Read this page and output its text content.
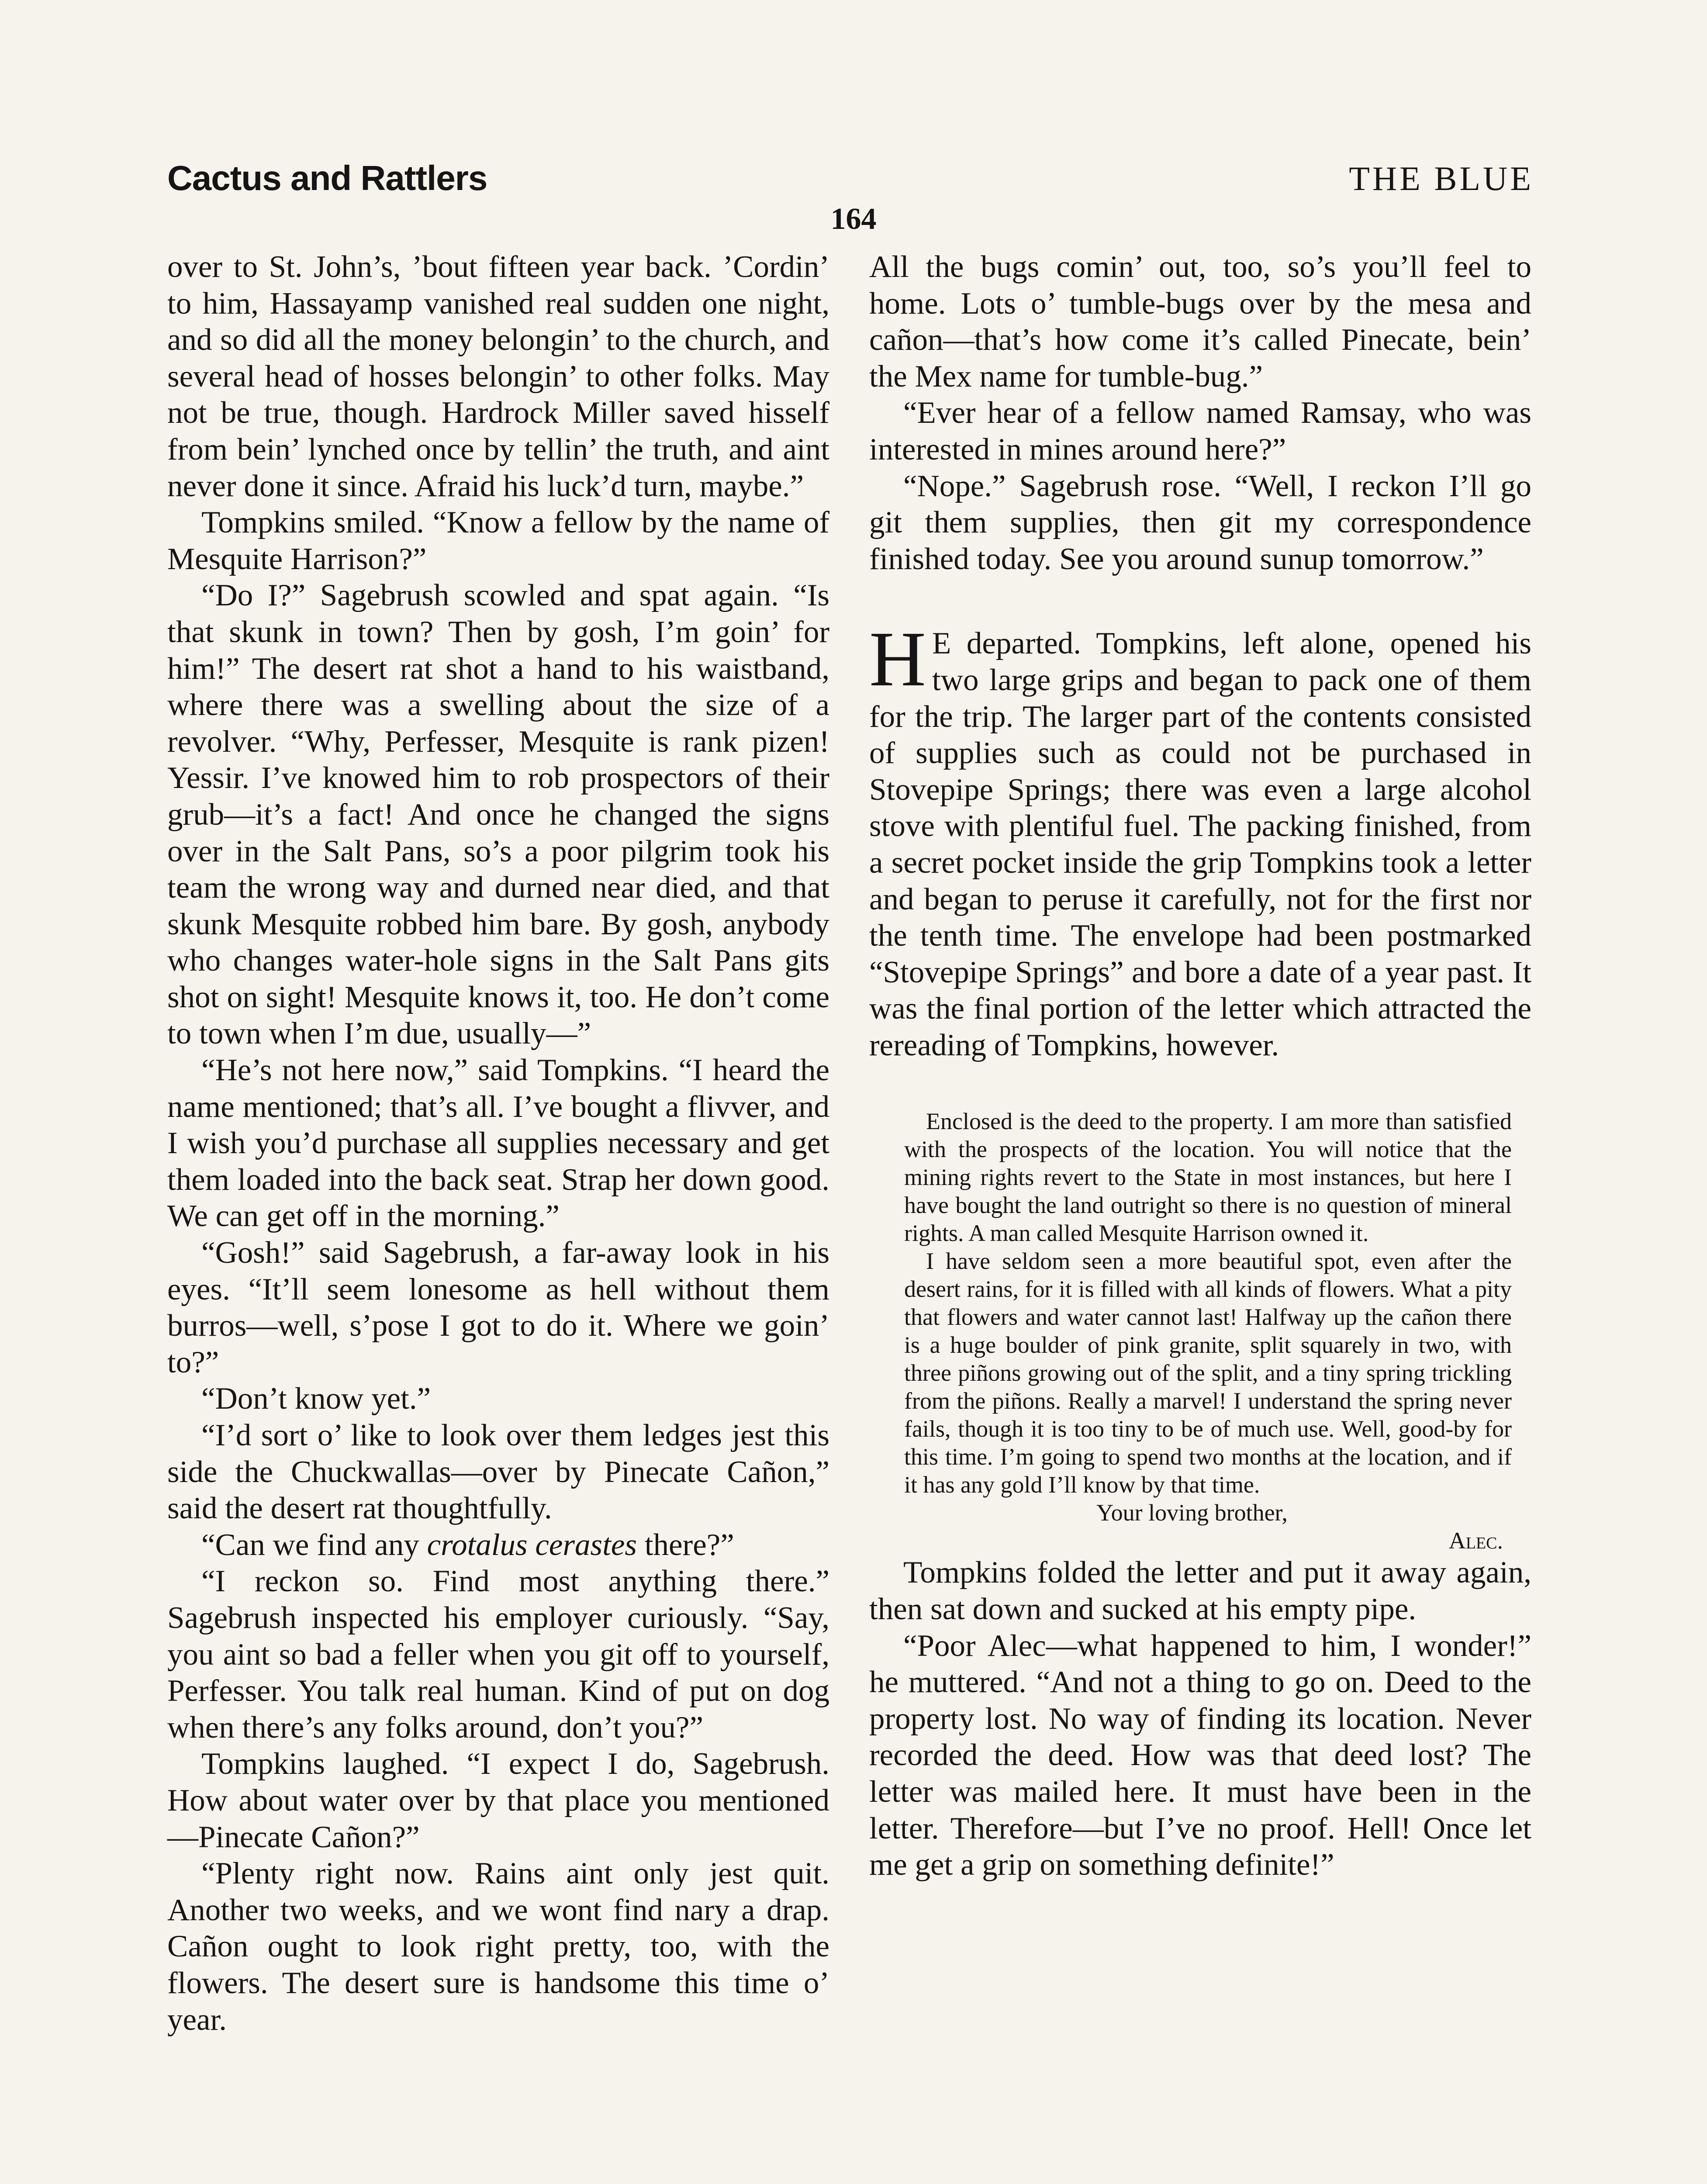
Cactus and Rattlers	THE BLUE
164

over to St. John’s, ’bout fifteen year back. ’Cordin’ to him, Hassayamp vanished real sudden one night, and so did all the money belongin’ to the church, and several head of hosses belongin’ to other folks. May not be true, though. Hardrock Miller saved hisself from bein’ lynched once by tellin’ the truth, and aint never done it since. Afraid his luck’d turn, maybe.”

Tompkins smiled. “Know a fellow by the name of Mesquite Harrison?”

“Do I?” Sagebrush scowled and spat again. “Is that skunk in town? Then by gosh, I’m goin’ for him!” The desert rat shot a hand to his waistband, where there was a swelling about the size of a revolver. “Why, Perfesser, Mesquite is rank pizen! Yessir. I’ve knowed him to rob prospectors of their grub—it’s a fact! And once he changed the signs over in the Salt Pans, so’s a poor pilgrim took his team the wrong way and durned near died, and that skunk Mesquite robbed him bare. By gosh, anybody who changes water-hole signs in the Salt Pans gits shot on sight! Mesquite knows it, too. He don’t come to town when I’m due, usually—”

“He’s not here now,” said Tompkins. “I heard the name mentioned; that’s all. I’ve bought a flivver, and I wish you’d purchase all supplies necessary and get them loaded into the back seat. Strap her down good. We can get off in the morning.”

“Gosh!” said Sagebrush, a far-away look in his eyes. “It’ll seem lonesome as hell without them burros—well, s’pose I got to do it. Where we goin’ to?”

“Don’t know yet.”

“I’d sort o’ like to look over them ledges jest this side the Chuckwallas—over by Pinecate Cañon,” said the desert rat thoughtfully.

“Can we find any crotalus cerastes there?”

“I reckon so. Find most anything there.” Sagebrush inspected his employer curiously. “Say, you aint so bad a feller when you git off to yourself, Perfesser. You talk real human. Kind of put on dog when there’s any folks around, don’t you?”

Tompkins laughed. “I expect I do, Sagebrush. How about water over by that place you mentioned—Pinecate Cañon?”

“Plenty right now. Rains aint only jest quit. Another two weeks, and we wont find nary a drap. Cañon ought to look right pretty, too, with the flowers. The desert sure is handsome this time o’ year.

All the bugs comin’ out, too, so’s you’ll feel to home. Lots o’ tumble-bugs over by the mesa and cañon—that’s how come it’s called Pinecate, bein’ the Mex name for tumble-bug.”

“Ever hear of a fellow named Ramsay, who was interested in mines around here?”

“Nope.” Sagebrush rose. “Well, I reckon I’ll go git them supplies, then git my correspondence finished today. See you around sunup tomorrow.”

H E departed. Tompkins, left alone, opened his two large grips and began to pack one of them for the trip. The larger part of the contents consisted of supplies such as could not be purchased in Stovepipe Springs; there was even a large alcohol stove with plentiful fuel. The packing finished, from a secret pocket inside the grip Tompkins took a letter and began to peruse it carefully, not for the first nor the tenth time. The envelope had been postmarked “Stovepipe Springs” and bore a date of a year past. It was the final portion of the letter which attracted the rereading of Tompkins, however.

Enclosed is the deed to the property. I am more than satisfied with the prospects of the location. You will notice that the mining rights revert to the State in most instances, but here I have bought the land outright so there is no question of mineral rights. A man called Mesquite Harrison owned it.

I have seldom seen a more beautiful spot, even after the desert rains, for it is filled with all kinds of flowers. What a pity that flowers and water cannot last! Halfway up the cañon there is a huge boulder of pink granite, split squarely in two, with three piñons growing out of the split, and a tiny spring trickling from the piñons. Really a marvel! I understand the spring never fails, though it is too tiny to be of much use. Well, good-by for this time. I’m going to spend two months at the location, and if it has any gold I’ll know by that time.

Your loving brother,

Alec.

Tompkins folded the letter and put it away again, then sat down and sucked at his empty pipe.

“Poor Alec—what happened to him, I wonder!” he muttered. “And not a thing to go on. Deed to the property lost. No way of finding its location. Never recorded the deed. How was that deed lost? The letter was mailed here. It must have been in the letter. Therefore—but I’ve no proof. Hell! Once let me get a grip on something definite!”
